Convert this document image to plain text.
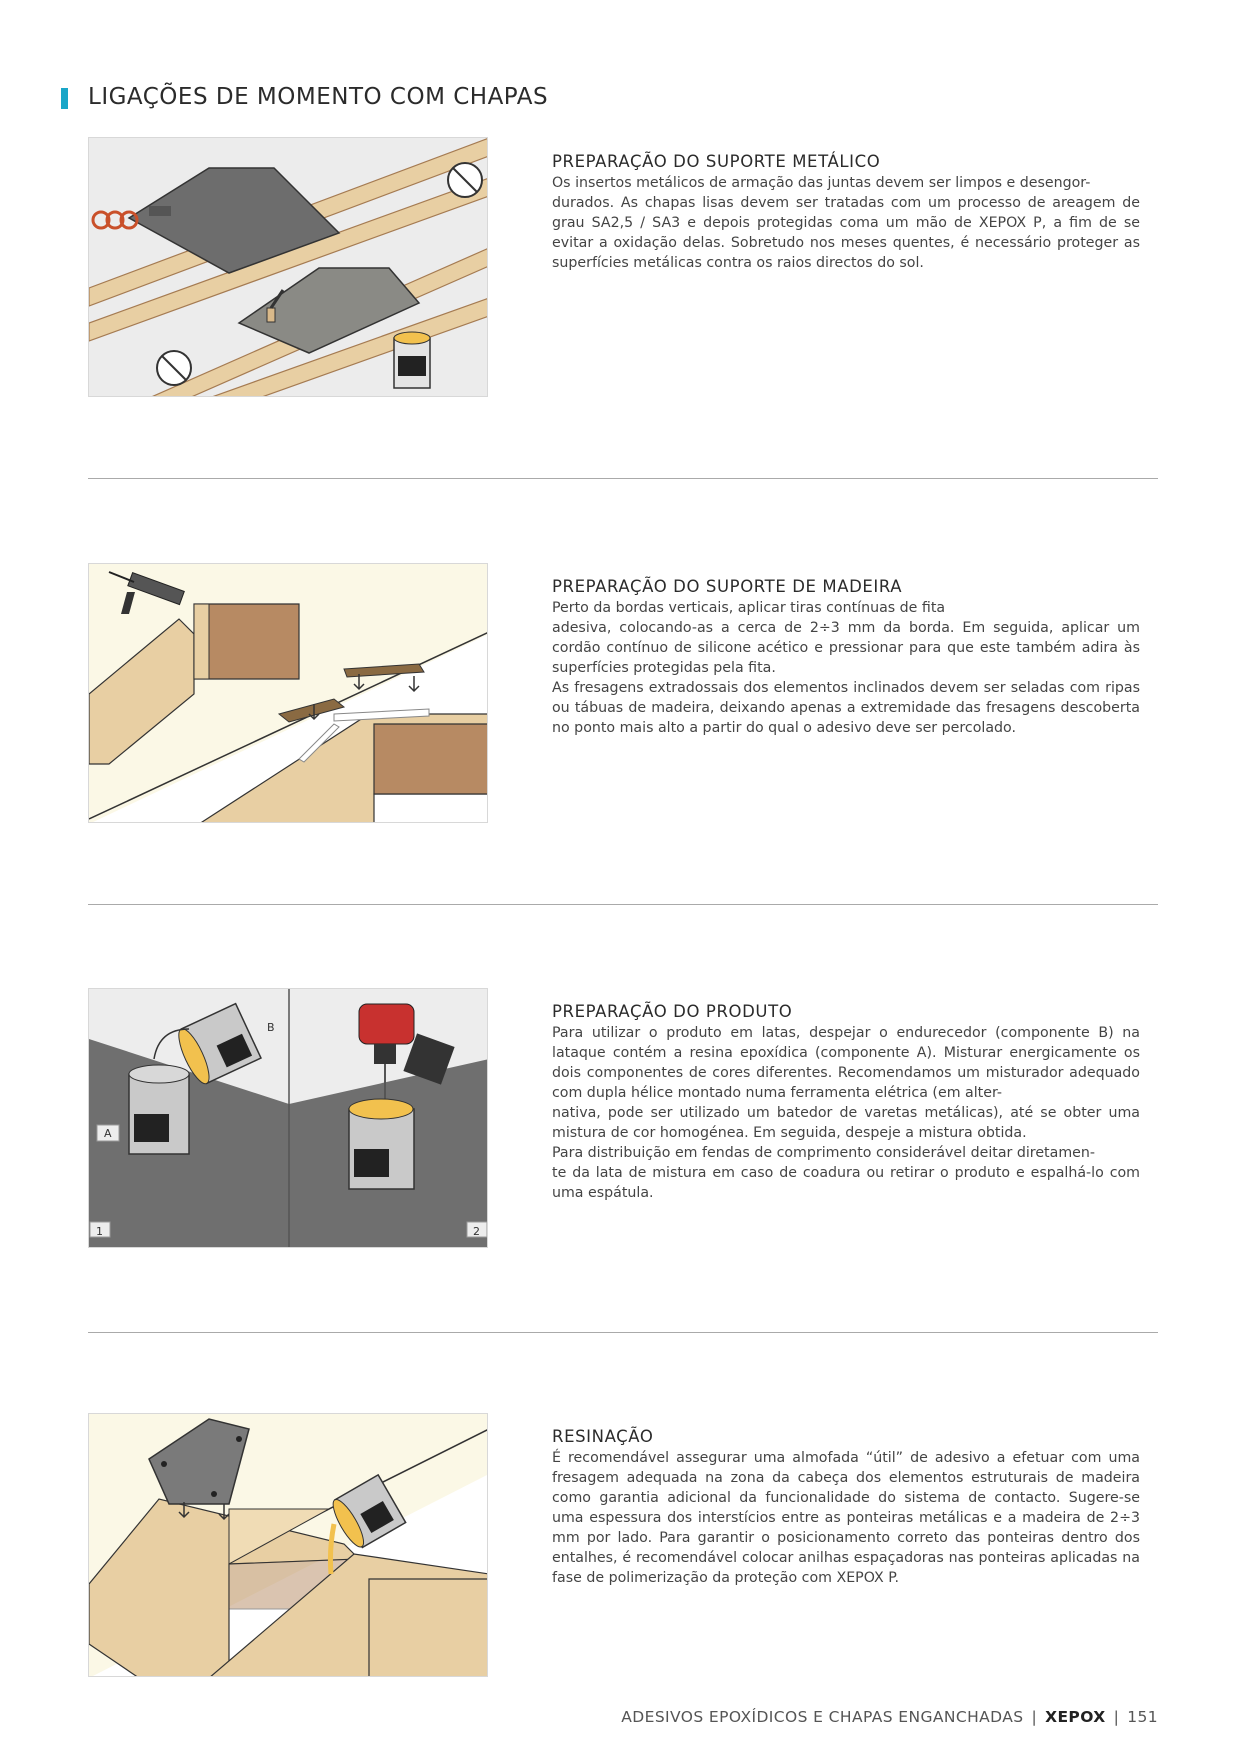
LIGAÇÕES DE MOMENTO COM CHAPAS
PREPARAÇÃO DO SUPORTE METÁLICO

Os insertos metálicos de armação das juntas devem ser limpos e desengor-
durados. As chapas lisas devem ser tratadas com um processo de areagem de grau SA2,5 / SA3 e depois protegidas coma um mão de XEPOX P, a fim de se evitar a oxidação delas. Sobretudo nos meses quentes, é necessário proteger as superfícies metálicas contra os raios directos do sol.

PREPARAÇÃO DO SUPORTE DE MADEIRA

Perto da bordas verticais, aplicar tiras contínuas de fita
adesiva, colocando-as a cerca de 2÷3 mm da borda. Em seguida, aplicar um cordão contínuo de silicone acético e pressionar para que este também adira às superfícies protegidas pela fita.
As fresagens extradossais dos elementos inclinados devem ser seladas com ripas ou tábuas de madeira, deixando apenas a extremidade das fresagens descoberta no ponto mais alto a partir do qual o adesivo deve ser percolado.

B
A
1	2
PREPARAÇÃO DO PRODUTO

Para utilizar o produto em latas, despejar o endurecedor (componente B) na lataque contém a resina epoxídica (componente A). Misturar energicamente os dois componentes de cores diferentes. Recomendamos um misturador adequado com dupla hélice montado numa ferramenta elétrica (em alter-
nativa, pode ser utilizado um batedor de varetas metálicas), até se obter uma mistura de cor homogénea. Em seguida, despeje a mistura obtida.
Para distribuição em fendas de comprimento considerável deitar diretamen-
te da lata de mistura em caso de coadura ou retirar o produto e espalhá-lo com uma espátula.

RESINAÇÃO

É recomendável assegurar uma almofada “útil” de adesivo a efetuar com uma fresagem adequada na zona da cabeça dos elementos estruturais de madeira como garantia adicional da funcionalidade do sistema de contacto. Sugere-se uma espessura dos interstícios entre as ponteiras metálicas e a madeira de 2÷3 mm por lado. Para garantir o posicionamento correto das ponteiras dentro dos entalhes, é recomendável colocar anilhas espaçadoras nas ponteiras aplicadas na fase de polimerização da proteção com XEPOX P.

ADESIVOS EPOXÍDICOS E CHAPAS ENGANCHADAS | XEPOX | 151
